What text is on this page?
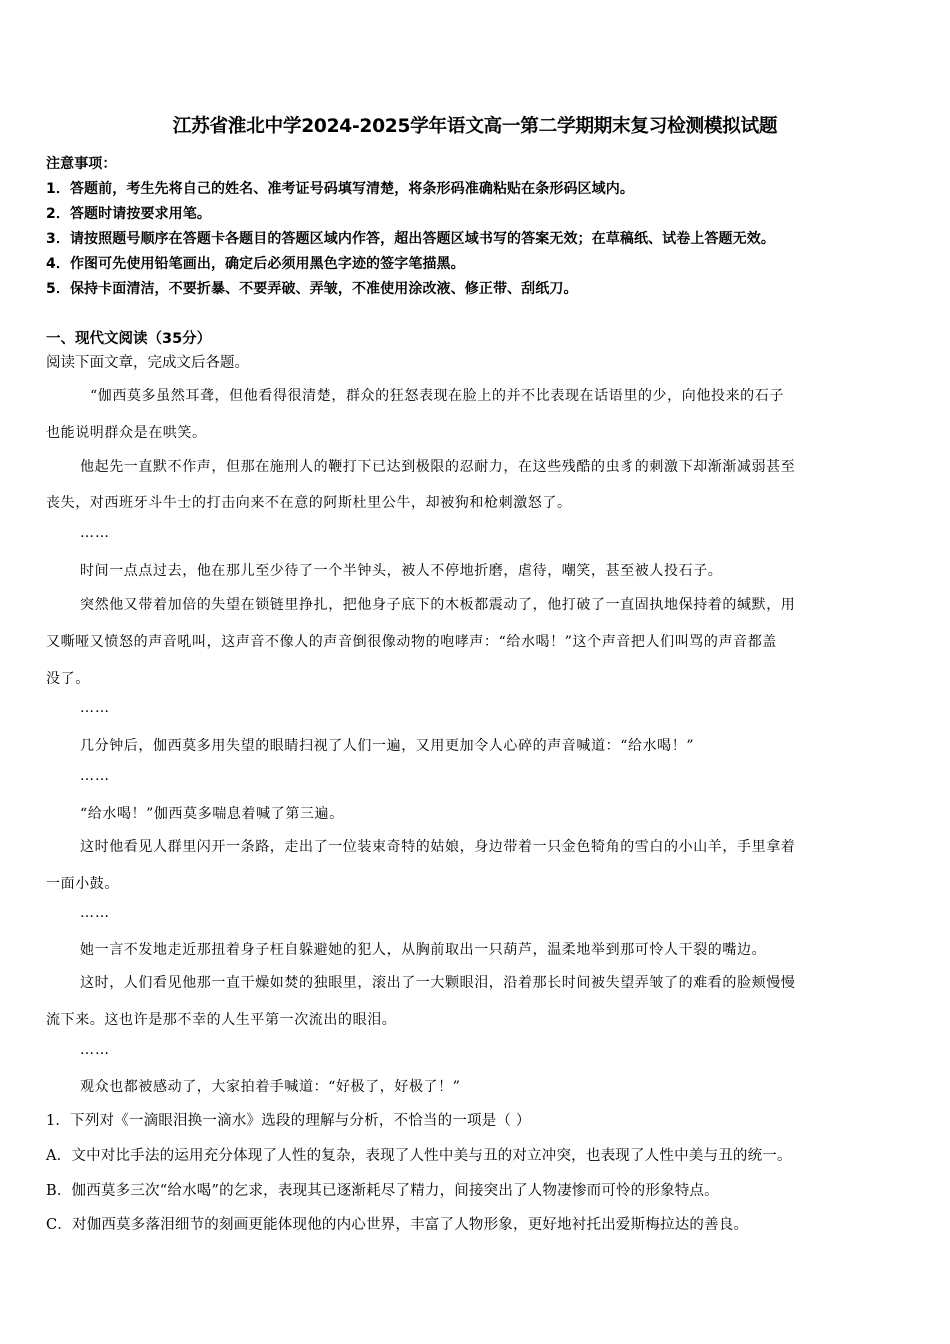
江苏省淮北中学2024-2025学年语文高一第二学期期末复习检测模拟试题
注意事项：
1．答题前，考生先将自己的姓名、准考证号码填写清楚，将条形码准确粘贴在条形码区域内。
2．答题时请按要求用笔。
3．请按照题号顺序在答题卡各题目的答题区域内作答，超出答题区域书写的答案无效；在草稿纸、试卷上答题无效。
4．作图可先使用铅笔画出，确定后必须用黑色字迹的签字笔描黑。
5．保持卡面清洁，不要折暴、不要弄破、弄皱，不准使用涂改液、修正带、刮纸刀。
一、现代文阅读（35分）
阅读下面文章，完成文后各题。
“伽西莫多虽然耳聋，但他看得很清楚，群众的狂怒表现在脸上的并不比表现在话语里的少，向他投来的石子
也能说明群众是在哄笑。
他起先一直默不作声，但那在施刑人的鞭打下已达到极限的忍耐力，在这些残酷的虫豸的刺激下却渐渐减弱甚至
丧失，对西班牙斗牛士的打击向来不在意的阿斯杜里公牛，却被狗和枪刺激怒了。
……
时间一点点过去，他在那儿至少待了一个半钟头，被人不停地折磨，虐待，嘲笑，甚至被人投石子。
突然他又带着加倍的失望在锁链里挣扎，把他身子底下的木板都震动了，他打破了一直固执地保持着的缄默，用
又嘶哑又愤怒的声音吼叫，这声音不像人的声音倒很像动物的咆哮声：“给水喝！”这个声音把人们叫骂的声音都盖
没了。
……
几分钟后，伽西莫多用失望的眼睛扫视了人们一遍，又用更加令人心碎的声音喊道：“给水喝！”
……
“给水喝！”伽西莫多喘息着喊了第三遍。
这时他看见人群里闪开一条路，走出了一位装束奇特的姑娘，身边带着一只金色犄角的雪白的小山羊，手里拿着
一面小鼓。
……
她一言不发地走近那扭着身子枉自躲避她的犯人，从胸前取出一只葫芦，温柔地举到那可怜人干裂的嘴边。
这时，人们看见他那一直干燥如焚的独眼里，滚出了一大颗眼泪，沿着那长时间被失望弄皱了的难看的脸颊慢慢
流下来。这也许是那不幸的人生平第一次流出的眼泪。
……
观众也都被感动了，大家拍着手喊道：“好极了，好极了！”
1．下列对《一滴眼泪换一滴水》选段的理解与分析，不恰当的一项是（ ）
A．文中对比手法的运用充分体现了人性的复杂，表现了人性中美与丑的对立冲突，也表现了人性中美与丑的统一。
B．伽西莫多三次“给水喝”的乞求，表现其已逐渐耗尽了精力，间接突出了人物凄惨而可怜的形象特点。
C．对伽西莫多落泪细节的刻画更能体现他的内心世界，丰富了人物形象，更好地衬托出爱斯梅拉达的善良。
